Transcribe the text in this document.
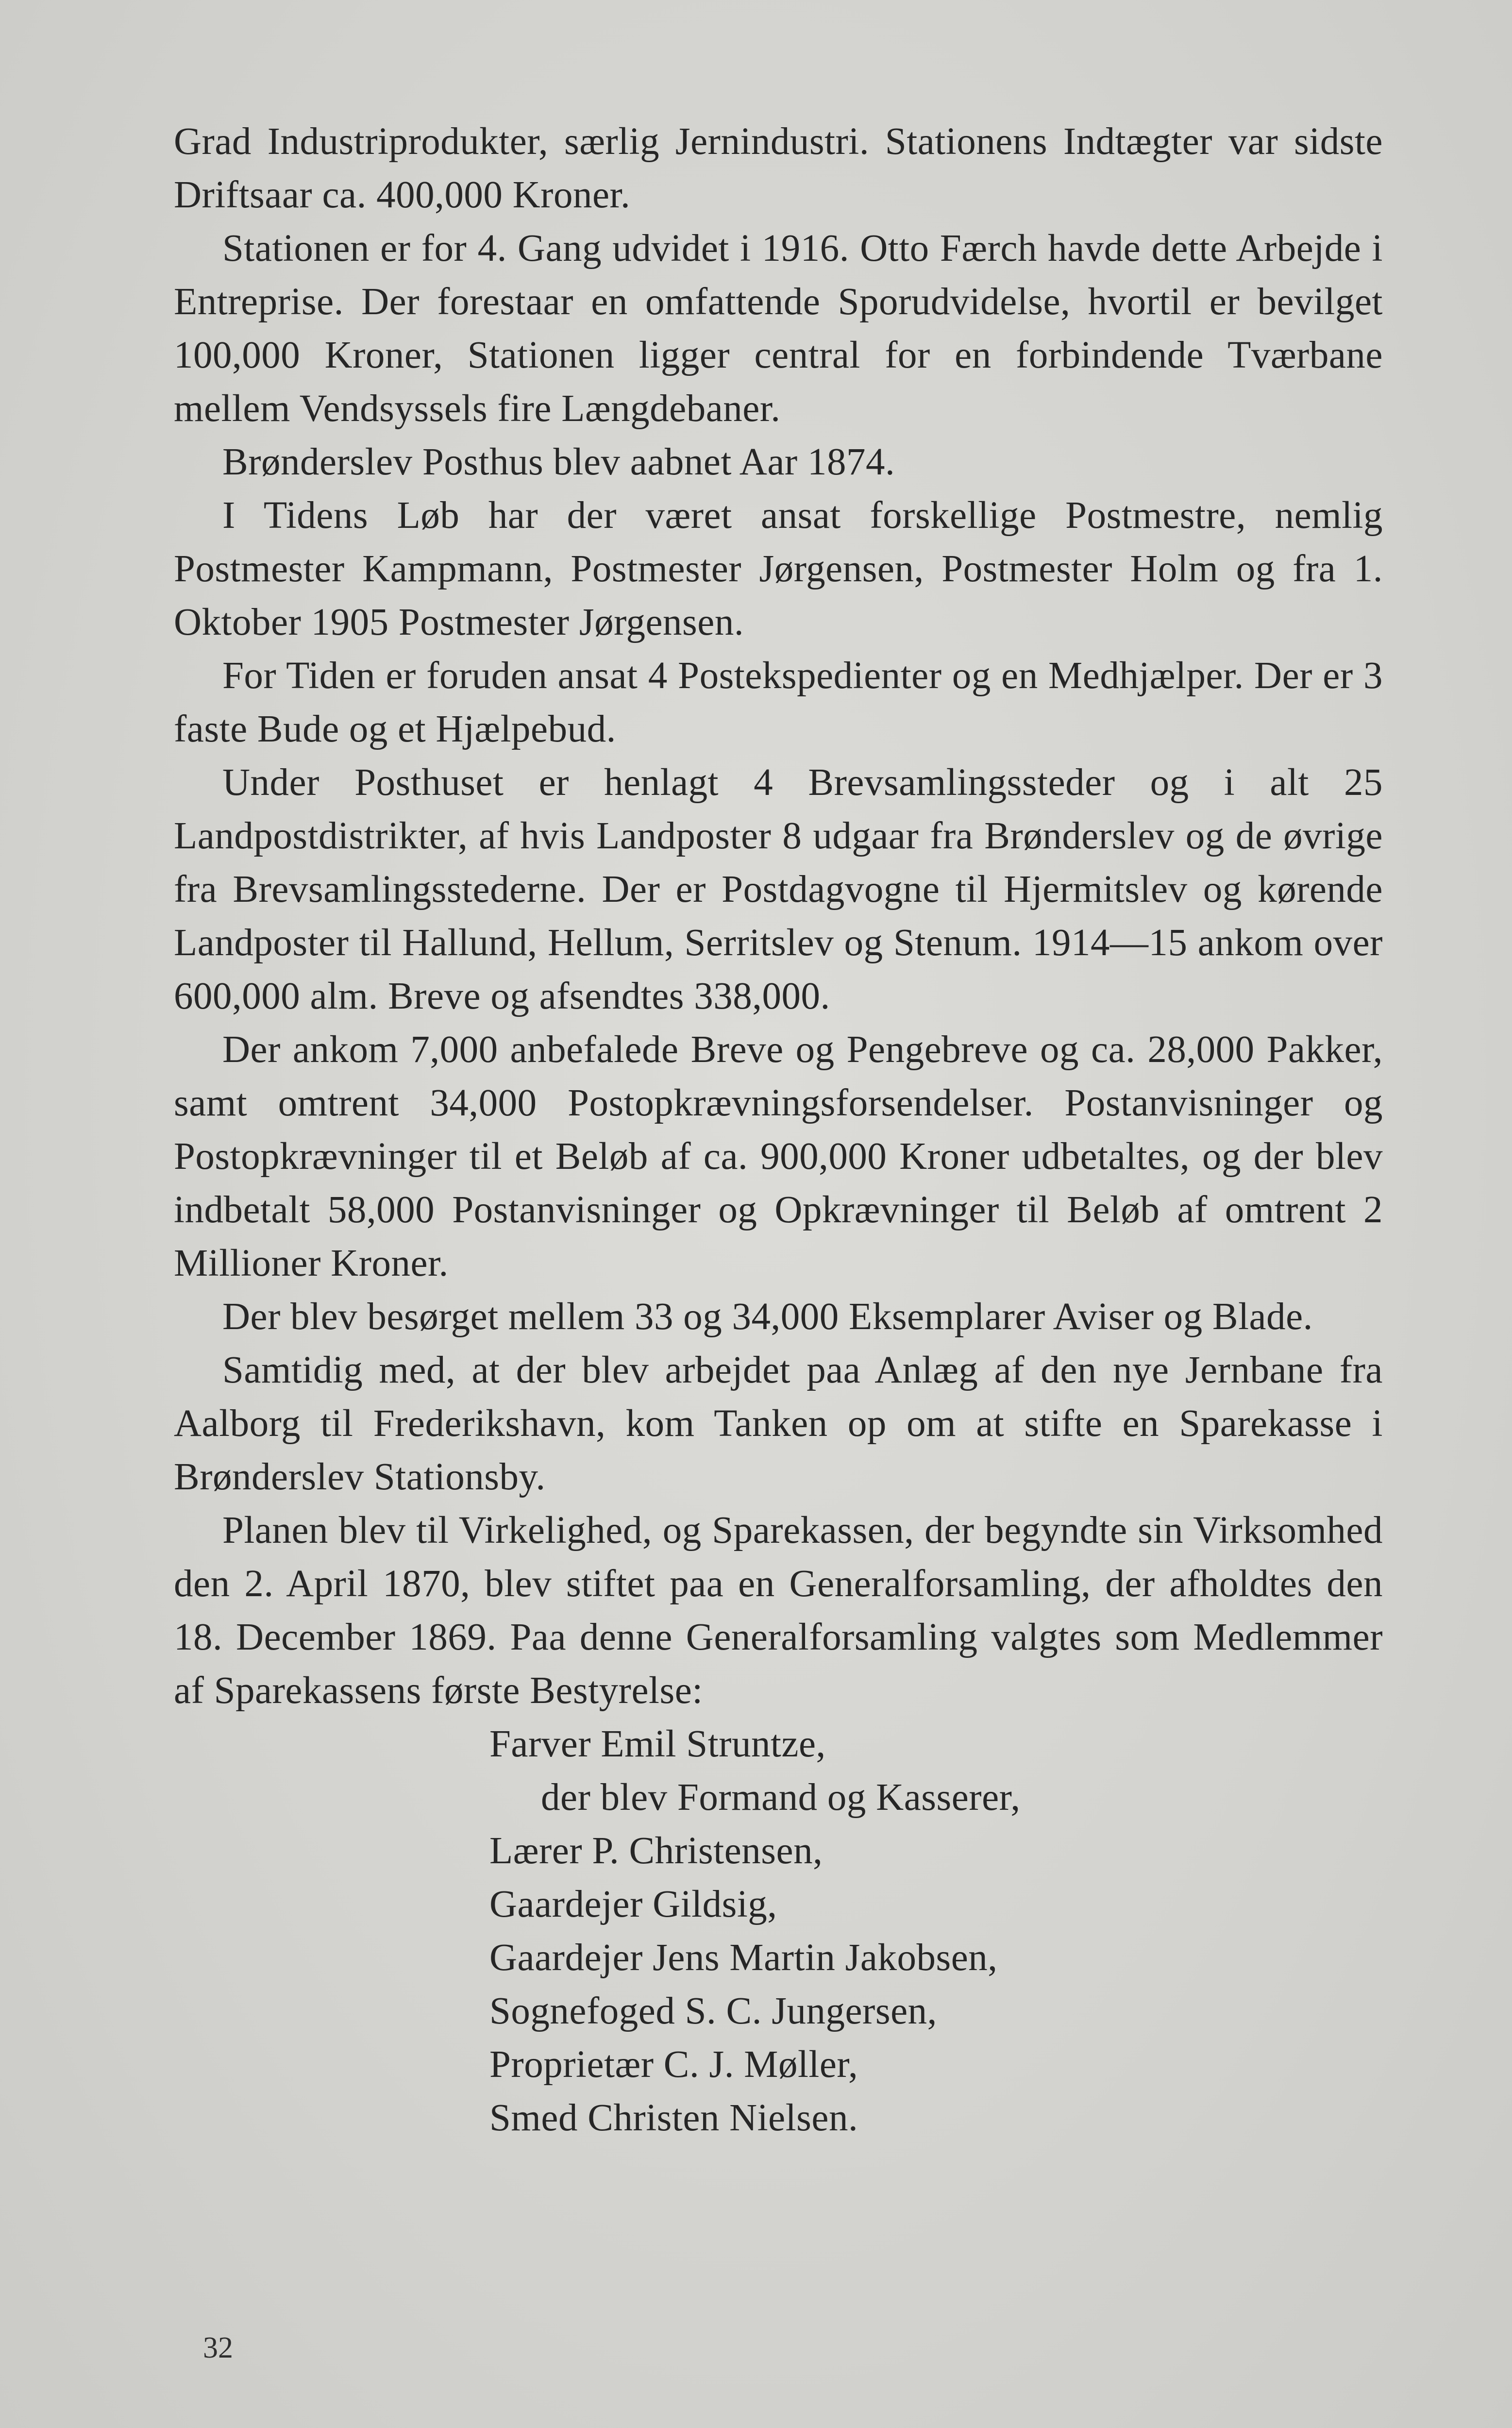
Grad Industriprodukter, særlig Jernindustri. Stationens Indtægter var sidste Driftsaar ca. 400,000 Kroner.

Stationen er for 4. Gang udvidet i 1916. Otto Færch havde dette Arbejde i Entreprise. Der forestaar en omfattende Sporudvidelse, hvortil er bevilget 100,000 Kroner, Stationen ligger central for en forbindende Tværbane mellem Vendsyssels fire Længdebaner.

Brønderslev Posthus blev aabnet Aar 1874.

I Tidens Løb har der været ansat forskellige Postmestre, nemlig Postmester Kampmann, Postmester Jørgensen, Postmester Holm og fra 1. Oktober 1905 Postmester Jørgensen.

For Tiden er foruden ansat 4 Postekspedienter og en Medhjælper. Der er 3 faste Bude og et Hjælpebud.

Under Posthuset er henlagt 4 Brevsamlingssteder og i alt 25 Landpostdistrikter, af hvis Landposter 8 udgaar fra Brønderslev og de øvrige fra Brevsamlingsstederne. Der er Postdagvogne til Hjermitslev og kørende Landposter til Hallund, Hellum, Serritslev og Stenum. 1914—15 ankom over 600,000 alm. Breve og afsendtes 338,000.

Der ankom 7,000 anbefalede Breve og Pengebreve og ca. 28,000 Pakker, samt omtrent 34,000 Postopkrævningsforsendelser. Postanvisninger og Postopkrævninger til et Beløb af ca. 900,000 Kroner udbetaltes, og der blev indbetalt 58,000 Postanvisninger og Opkrævninger til Beløb af omtrent 2 Millioner Kroner.

Der blev besørget mellem 33 og 34,000 Eksemplarer Aviser og Blade.

Samtidig med, at der blev arbejdet paa Anlæg af den nye Jernbane fra Aalborg til Frederikshavn, kom Tanken op om at stifte en Sparekasse i Brønderslev Stationsby.

Planen blev til Virkelighed, og Sparekassen, der begyndte sin Virksomhed den 2. April 1870, blev stiftet paa en Generalforsamling, der afholdtes den 18. December 1869. Paa denne Generalforsamling valgtes som Medlemmer af Sparekassens første Bestyrelse:

Farver Emil Struntze,
der blev Formand og Kasserer,
Lærer P. Christensen,
Gaardejer Gildsig,
Gaardejer Jens Martin Jakobsen,
Sognefoged S. C. Jungersen,
Proprietær C. J. Møller,
Smed Christen Nielsen.
32
